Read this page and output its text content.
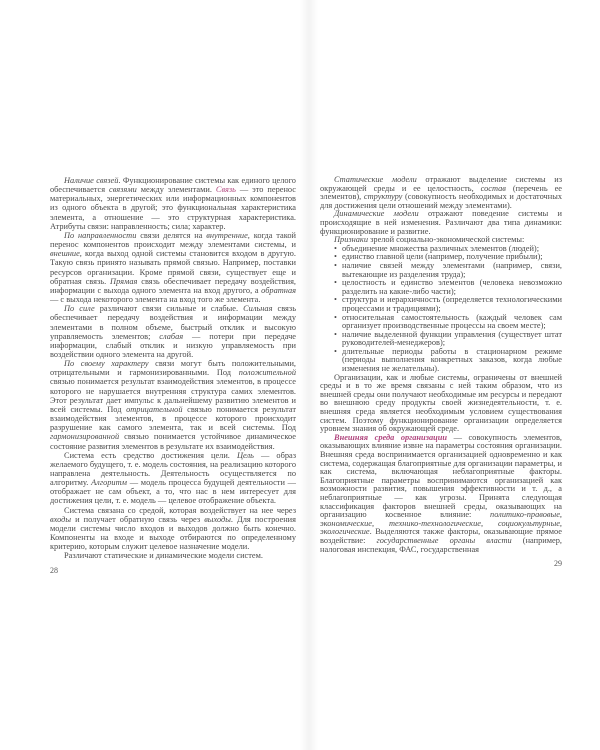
Наличие связей. Функционирование системы как единого целого обеспечивается связями между элементами. Связь — это перенос материальных, энергетических или информационных компонентов из одного объекта в другой; это функциональная характеристика элемента, а отношение — это структурная характеристика. Атрибуты связи: направленность; сила; характер.

По направленности связи делятся на внутренние, когда такой перенос компонентов происходит между элементами системы, и внешние, когда выход одной системы становится входом в другую. Такую связь принято называть прямой связью. Например, поставки ресурсов организации. Кроме прямой связи, существует еще и обратная связь. Прямая связь обеспечивает передачу воздействия, информации с выхода одного элемента на вход другого, а обратная — с выхода некоторого элемента на вход того же элемента.

По силе различают связи сильные и слабые. Сильная связь обеспечивает передачу воздействия и информации между элементами в полном объеме, быстрый отклик и высокую управляемость элементов; слабая — потери при передаче информации, слабый отклик и низкую управляемость при воздействии одного элемента на другой.

По своему характеру связи могут быть положительными, отрицательными и гармонизированными. Под положительной связью понимается результат взаимодействия элементов, в процессе которого не нарушается внутренняя структура самих элементов. Этот результат дает импульс к дальнейшему развитию элементов и всей системы. Под отрицательной связью понимается результат взаимодействия элементов, в процессе которого происходит разрушение как самого элемента, так и всей системы. Под гармонизированной связью понимается устойчивое динамическое состояние развития элементов в результате их взаимодействия.

Система есть средство достижения цели. Цель — образ желаемого будущего, т. е. модель состояния, на реализацию которого направлена деятельность. Деятельность осуществляется по алгоритму. Алгоритм — модель процесса будущей деятельности — отображает не сам объект, а то, что нас в нем интересует для достижения цели, т. е. модель — целевое отображение объекта.

Система связана со средой, которая воздействует на нее через входы и получает обратную связь через выходы. Для построения модели системы число входов и выходов должно быть конечно. Компоненты на входе и выходе отбираются по определенному критерию, которым служит целевое назначение модели.

Различают статические и динамические модели систем.

28

Статические модели отражают выделение системы из окружающей среды и ее целостность, состав (перечень ее элементов), структуру (совокупность необходимых и достаточных для достижения цели отношений между элементами).

Динамические модели отражают поведение системы и происходящие в ней изменения. Различают два типа динамики: функционирование и развитие.

Признаки зрелой социально-экономической системы:

• объединение множества различных элементов (людей);
• единство главной цели (например, получение прибыли);
• наличие связей между элементами (например, связи, вытекающие из разделения труда);
• целостность и единство элементов (человека невозможно разделить на какие-либо части);
• структура и иерархичность (определяется технологическими процессами и традициями);
• относительная самостоятельность (каждый человек сам организует производственные процессы на своем месте);
• наличие выделенной функции управления (существует штат руководителей-менеджеров);
• длительные периоды работы в стационарном режиме (периоды выполнения конкретных заказов, когда любые изменения не желательны).

Организации, как и любые системы, ограничены от внешней среды и в то же время связаны с ней таким образом, что из внешней среды они получают необходимые им ресурсы и передают во внешнюю среду продукты своей жизнедеятельности, т. е. внешняя среда является необходимым условием существования систем. Поэтому функционирование организации определяется уровнем знания об окружающей среде.

Внешняя среда организации — совокупность элементов, оказывающих влияние извне на параметры состояния организации. Внешняя среда воспринимается организацией одновременно и как система, содержащая благоприятные для организации параметры, и как система, включающая неблагоприятные факторы. Благоприятные параметры воспринимаются организацией как возможности развития, повышения эффективности и т. д., а неблагоприятные — как угрозы. Принята следующая классификация факторов внешней среды, оказывающих на организацию косвенное влияние: политико-правовые, экономические, технико-технологические, социокультурные, экологические. Выделяются также факторы, оказывающие прямое воздействие: государственные органы власти (например, налоговая инспекция, ФАС, государственная

29
